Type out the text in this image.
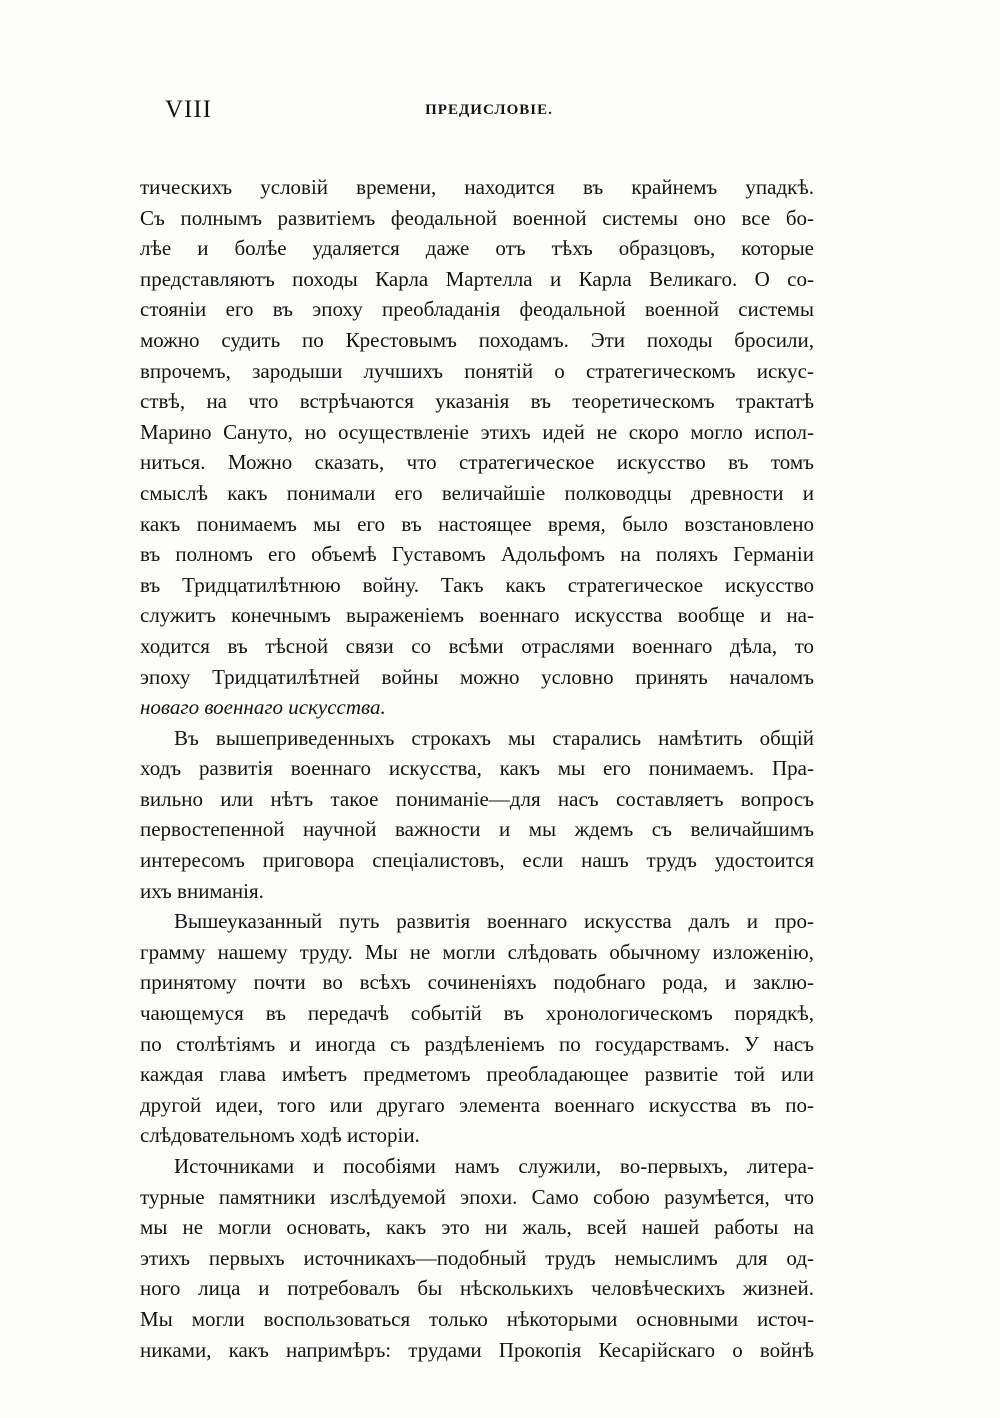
VIII	ПРЕДИСЛОВІЕ.
тическихъ условій времени, находится въ крайнемъ упадкѣ.
Съ полнымъ развитіемъ феодальной военной системы оно все бо-
лѣе и болѣе удаляется даже отъ тѣхъ образцовъ, которые
представляютъ походы Карла Мартелла и Карла Великаго. О со-
стояніи его въ эпоху преобладанія феодальной военной системы
можно судить по Крестовымъ походамъ. Эти походы бросили,
впрочемъ, зародыши лучшихъ понятій о стратегическомъ искус-
ствѣ, на что встрѣчаются указанія въ теоретическомъ трактатѣ
Марино Сануто, но осуществленіе этихъ идей не скоро могло испол-
ниться. Можно сказать, что стратегическое искусство въ томъ
смыслѣ какъ понимали его величайшіе полководцы древности и
какъ понимаемъ мы его въ настоящее время, было возстановлено
въ полномъ его объемѣ Густавомъ Адольфомъ на поляхъ Германіи
въ Тридцатилѣтнюю войну. Такъ какъ стратегическое искусство
служитъ конечнымъ выраженіемъ военнаго искусства вообще и на-
ходится въ тѣсной связи со всѣми отраслями военнаго дѣла, то
эпоху Тридцатилѣтней войны можно условно принять началомъ
новаго военнаго искусства.
Въ вышеприведенныхъ строкахъ мы старались намѣтить общій
ходъ развитія военнаго искусства, какъ мы его понимаемъ. Пра-
вильно или нѣтъ такое пониманіе—для насъ составляетъ вопросъ
первостепенной научной важности и мы ждемъ съ величайшимъ
интересомъ приговора спеціалистовъ, если нашъ трудъ удостоится
ихъ вниманія.
Вышеуказанный путь развитія военнаго искусства далъ и про-
грамму нашему труду. Мы не могли слѣдовать обычному изложенію,
принятому почти во всѣхъ сочиненіяхъ подобнаго рода, и заклю-
чающемуся въ передачѣ событій въ хронологическомъ порядкѣ,
по столѣтіямъ и иногда съ раздѣленіемъ по государствамъ. У насъ
каждая глава имѣетъ предметомъ преобладающее развитіе той или
другой идеи, того или другаго элемента военнаго искусства въ по-
слѣдовательномъ ходѣ исторіи.
Источниками и пособіями намъ служили, во-первыхъ, литера-
турные памятники изслѣдуемой эпохи. Само собою разумѣется, что
мы не могли основать, какъ это ни жаль, всей нашей работы на
этихъ первыхъ источникахъ—подобный трудъ немыслимъ для од-
ного лица и потребовалъ бы нѣсколькихъ человѣческихъ жизней.
Мы могли воспользоваться только нѣкоторыми основными источ-
никами, какъ напримѣръ: трудами Прокопія Кесарійскаго о войнѣ
